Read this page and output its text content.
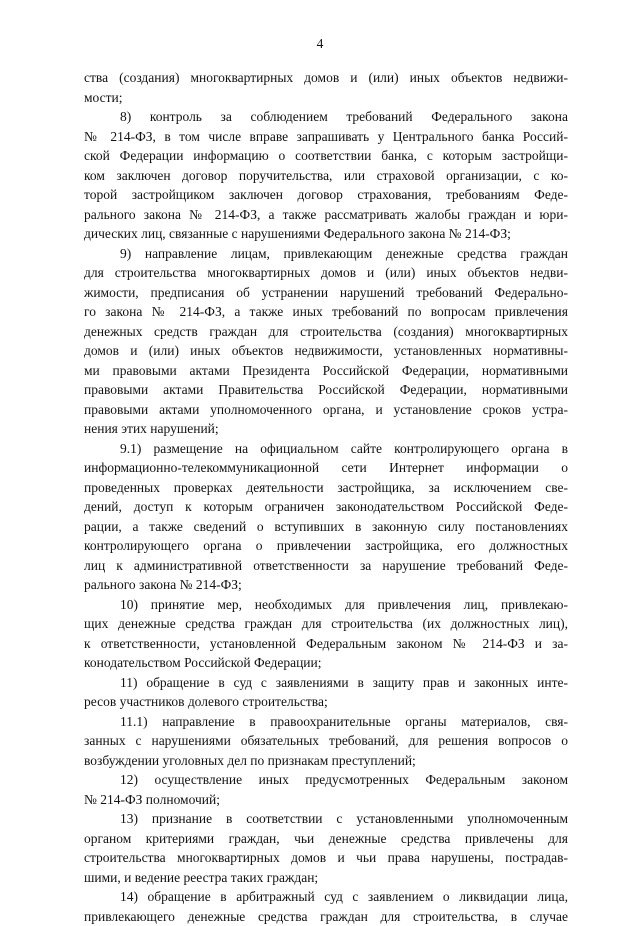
4
ства (создания) многоквартирных домов и (или) иных объектов недвижи-
мости;
8) контроль за соблюдением требований Федерального закона
№ 214-ФЗ, в том числе вправе запрашивать у Центрального банка Россий-
ской Федерации информацию о соответствии банка, с которым застройщи-
ком заключен договор поручительства, или страховой организации, с ко-
торой застройщиком заключен договор страхования, требованиям Феде-
рального закона № 214-ФЗ, а также рассматривать жалобы граждан и юри-
дических лиц, связанные с нарушениями Федерального закона № 214-ФЗ;
9) направление лицам, привлекающим денежные средства граждан
для строительства многоквартирных домов и (или) иных объектов недви-
жимости, предписания об устранении нарушений требований Федерально-
го закона № 214-ФЗ, а также иных требований по вопросам привлечения
денежных средств граждан для строительства (создания) многоквартирных
домов и (или) иных объектов недвижимости, установленных нормативны-
ми правовыми актами Президента Российской Федерации, нормативными
правовыми актами Правительства Российской Федерации, нормативными
правовыми актами уполномоченного органа, и установление сроков устра-
нения этих нарушений;
9.1) размещение на официальном сайте контролирующего органа в
информационно-телекоммуникационной сети Интернет информации о
проведенных проверках деятельности застройщика, за исключением све-
дений, доступ к которым ограничен законодательством Российской Феде-
рации, а также сведений о вступивших в законную силу постановлениях
контролирующего органа о привлечении застройщика, его должностных
лиц к административной ответственности за нарушение требований Феде-
рального закона № 214-ФЗ;
10) принятие мер, необходимых для привлечения лиц, привлекаю-
щих денежные средства граждан для строительства (их должностных лиц),
к ответственности, установленной Федеральным законом № 214-ФЗ и за-
конодательством Российской Федерации;
11) обращение в суд с заявлениями в защиту прав и законных инте-
ресов участников долевого строительства;
11.1) направление в правоохранительные органы материалов, свя-
занных с нарушениями обязательных требований, для решения вопросов о
возбуждении уголовных дел по признакам преступлений;
12) осуществление иных предусмотренных Федеральным законом
№ 214-ФЗ полномочий;
13) признание в соответствии с установленными уполномоченным
органом критериями граждан, чьи денежные средства привлечены для
строительства многоквартирных домов и чьи права нарушены, пострадав-
шими, и ведение реестра таких граждан;
14) обращение в арбитражный суд с заявлением о ликвидации лица,
привлекающего денежные средства граждан для строительства, в случае
